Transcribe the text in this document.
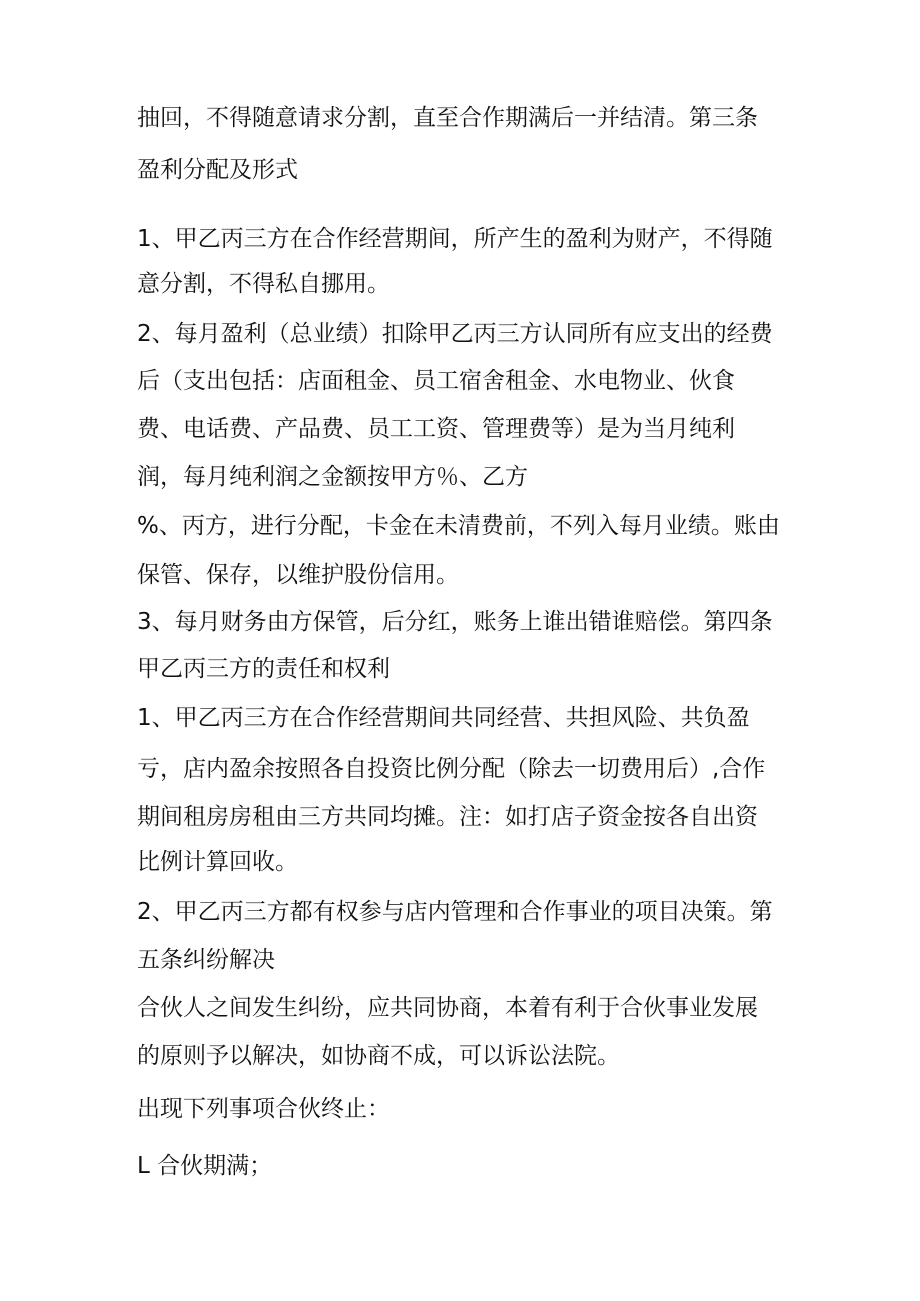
抽回，不得随意请求分割，直至合作期满后一并结清。第三条
盈利分配及形式
1、甲乙丙三方在合作经营期间，所产生的盈利为财产，不得随
意分割，不得私自挪用。
2、每月盈利（总业绩）扣除甲乙丙三方认同所有应支出的经费
后（支出包括：店面租金、员工宿舍租金、水电物业、伙食
费、电话费、产品费、员工工资、管理费等）是为当月纯利
润，每月纯利润之金额按甲方％、乙方
%、丙方，进行分配，卡金在未清费前，不列入每月业绩。账由
保管、保存，以维护股份信用。
3、每月财务由方保管，后分红，账务上谁出错谁赔偿。第四条
甲乙丙三方的责任和权利
1、甲乙丙三方在合作经营期间共同经营、共担风险、共负盈
亏，店内盈余按照各自投资比例分配（除去一切费用后）,合作
期间租房房租由三方共同均摊。注：如打店子资金按各自出资
比例计算回收。
2、甲乙丙三方都有权参与店内管理和合作事业的项目决策。第
五条纠纷解决
合伙人之间发生纠纷，应共同协商，本着有利于合伙事业发展
的原则予以解决，如协商不成，可以诉讼法院。
出现下列事项合伙终止：
L 合伙期满；
